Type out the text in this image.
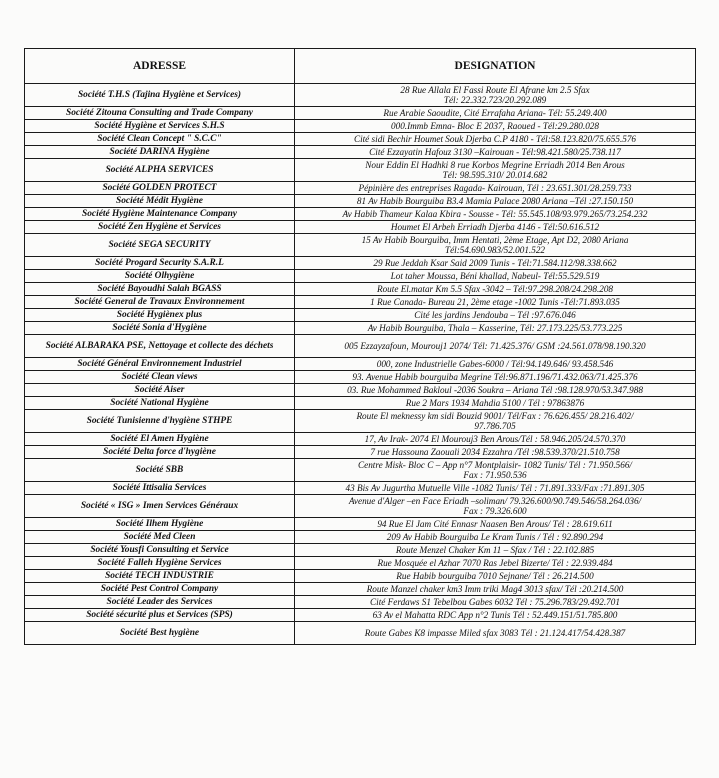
ADRESSE	DESIGNATION
Société T.H.S (Tajina Hygiène et Services)	28 Rue Allala El Fassi Route El Afrane km 2.5 Sfax
Tél: 22.332.723/20.292.089

Société Zitouna Consulting and Trade Company	Rue Arabie Saoudite, Cité Errafaha Ariana- Tél: 55.249.400

Société Hygiène et Services S.H.S	000.Immb Emna- Bloc E 2037, Raoued - Tél:29.280.028

Société Clean Concept " S.C.C"	Cité sidi Bechir Houmet Souk Djerba C.P 4180 - Tél:58.123.820/75.655.576

Société DARINA Hygiène	Cité Ezzayatin Hafouz 3130 –Kairouan - Tél:98.421.580/25.738.117

Société ALPHA SERVICES	Nour Eddin El Hadhki 8 rue Korbos Megrine Erriadh 2014 Ben Arous
Tél: 98.595.310/ 20.014.682

Société GOLDEN PROTECT	Pépinière des entreprises Ragada- Kairouan, Tél : 23.651.301/28.259.733

Société Médit Hygiène	81 Av Habib Bourguiba B3.4 Mamia Palace 2080 Ariana –Tél :27.150.150

Société Hygiène Maintenance Company	Av Habib Thameur Kalaa Kbira - Sousse - Tél: 55.545.108/93.979.265/73.254.232

Société Zen Hygiène et Services	Houmet El Arbeh Erriadh Djerba 4146 - Tél:50.616.512

Société SEGA SECURITY	15 Av Habib Bourguiba, Imm Hentati, 2ème Etage, Apt D2, 2080 Ariana
Tél:54.690.983/52.001.522

Société Progard Security S.A.R.L	29 Rue Jeddah Ksar Said 2009 Tunis - Tél:71.584.112/98.338.662

Société Olhygiène	Lot taher Moussa, Béni khallad, Nabeul- Tél:55.529.519

Société Bayoudhi Salah BGASS	Route El.matar Km 5.5 Sfax -3042 – Tél:97.298.208/24.298.208

Société General de Travaux Environnement	1 Rue Canada- Bureau 21, 2ème etage -1002 Tunis -Tél:71.893.035

Société Hygiènex plus	Cité les jardins Jendouba – Tél :97.676.046

Société Sonia d'Hygiène	Av Habib Bourguiba, Thala – Kasserine, Tél: 27.173.225/53.773.225

Société ALBARAKA PSE, Nettoyage et collecte des déchets	005 Ezzayzafoun, Mourouj1 2074/ Tél: 71.425.376/ GSM :24.561.078/98.190.320

Société Général Environnement Industriel	000, zone Industrielle Gabes-6000 / Tél:94.149.646/ 93.458.546

Société Clean views	93. Avenue Habib bourguiba Megrine Tél:96.871.196/71.432.063/71.425.376

Société Aiser	03. Rue Mohammed Bakloul -2036 Soukra – Ariana Tél :98.128.970/53.347.988

Société National Hygiène	Rue 2 Mars 1934 Mahdia 5100 / Tél : 97863876

Société Tunisienne d'hygiène STHPE	Route El meknessy km sidi Bouzid 9001/ Tél/Fax : 76.626.455/ 28.216.402/
97.786.705

Société El Amen Hygiène	17, Av Irak- 2074 El Mourouj3 Ben Arous/Tél : 58.946.205/24.570.370

Société Delta force d'hygiène	7 rue Hassouna Zaouali 2034 Ezzahra /Tél :98.539.370/21.510.758

Société SBB	Centre Misk- Bloc C – App n°7 Montplaisir- 1082 Tunis/ Tél : 71.950.566/
Fax : 71.950.536

Société Ittisalia Services	43 Bis Av Jugurtha Mutuelle Ville -1082 Tunis/ Tél : 71.891.333/Fax :71.891.305

Société « ISG » Imen Services Généraux	Avenue d'Alger –en Face Eriadh –soliman/ 79.326.600/90.749.546/58.264.036/
Fax : 79.326.600

Société Ilhem Hygiène	94 Rue El Jam Cité Ennasr Naasen Ben Arous/ Tél : 28.619.611

Société Med Cleen	209 Av Habib Bourguiba Le Kram Tunis / Tél : 92.890.294

Société Yousfi Consulting et Service	Route Menzel Chaker Km 11 – Sfax / Tél : 22.102.885

Société Falleh Hygiène Services	Rue Mosquée el Azhar 7070 Ras Jebel Bizerte/ Tél : 22.939.484

Société TECH INDUSTRIE	Rue Habib bourguiba 7010 Sejnane/ Tél : 26.214.500

Société Pest Control Company	Route Manzel chaker km3 Imm triki Mag4 3013 sfax/ Tél :20.214.500

Société Leader des Services	Cité Ferdaws S1 Tebelbou Gabes 6032 Tél : 75.296.783/29.492.701

Société sécurité plus et Services (SPS)	63 Av el Mahatta RDC App n°2 Tunis Tél : 52.449.151/51.785.800

Société Best hygiène	Route Gabes K8 impasse Miled sfax 3083 Tél : 21.124.417/54.428.387
